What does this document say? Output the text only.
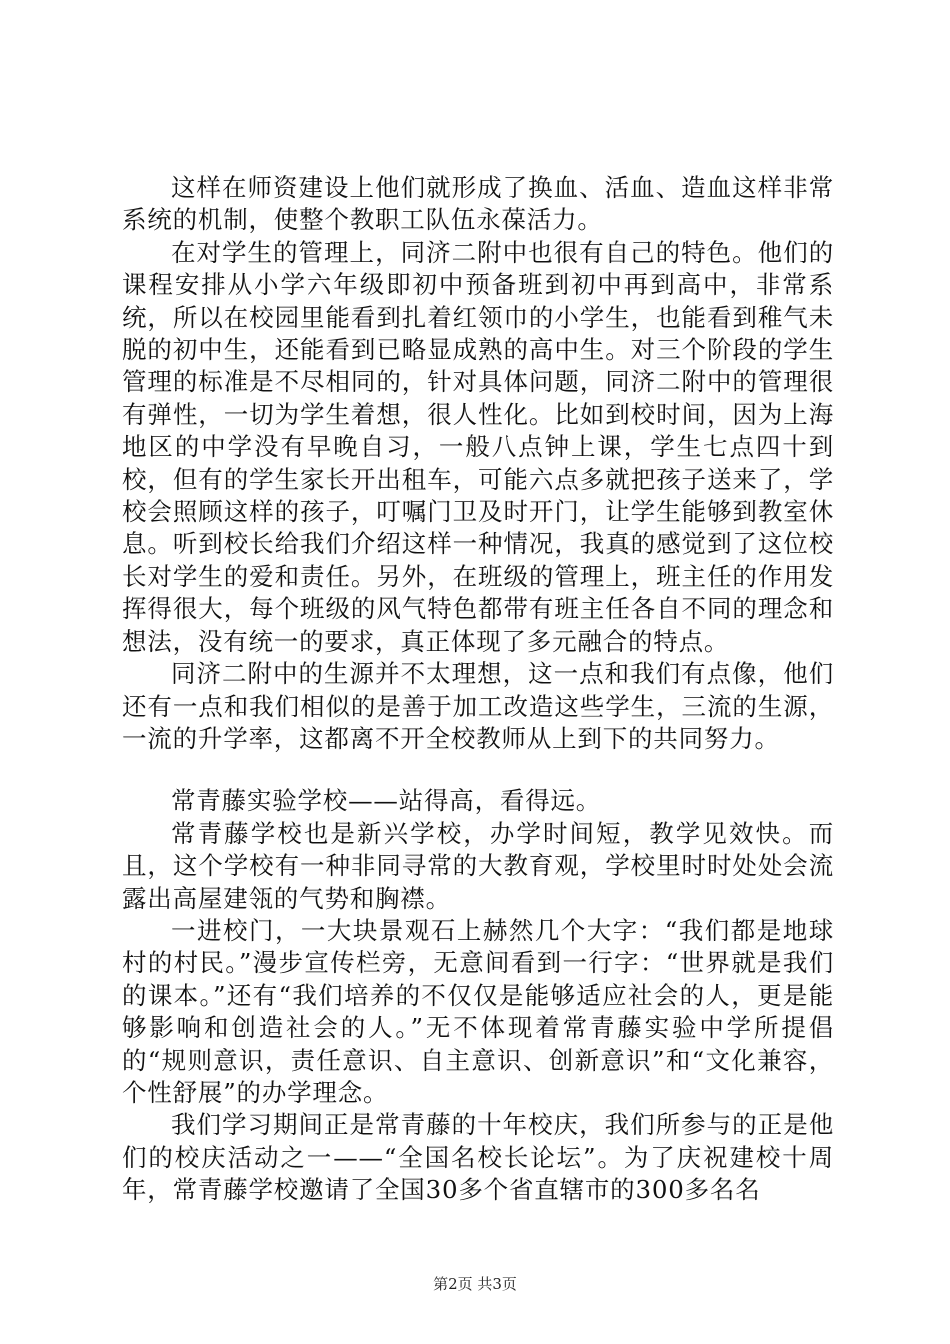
这样在师资建设上他们就形成了换血、活血、造血这样非常系统的机制，使整个教职工队伍永葆活力。

在对学生的管理上，同济二附中也很有自己的特色。他们的课程安排从小学六年级即初中预备班到初中再到高中，非常系统，所以在校园里能看到扎着红领巾的小学生，也能看到稚气未脱的初中生，还能看到已略显成熟的高中生。对三个阶段的学生管理的标准是不尽相同的，针对具体问题，同济二附中的管理很有弹性，一切为学生着想，很人性化。比如到校时间，因为上海地区的中学没有早晚自习，一般八点钟上课，学生七点四十到校，但有的学生家长开出租车，可能六点多就把孩子送来了，学校会照顾这样的孩子，叮嘱门卫及时开门，让学生能够到教室休息。听到校长给我们介绍这样一种情况，我真的感觉到了这位校长对学生的爱和责任。另外，在班级的管理上，班主任的作用发挥得很大，每个班级的风气特色都带有班主任各自不同的理念和想法，没有统一的要求，真正体现了多元融合的特点。

同济二附中的生源并不太理想，这一点和我们有点像，他们还有一点和我们相似的是善于加工改造这些学生，三流的生源，一流的升学率，这都离不开全校教师从上到下的共同努力。

常青藤实验学校——站得高，看得远。

常青藤学校也是新兴学校，办学时间短，教学见效快。而且，这个学校有一种非同寻常的大教育观，学校里时时处处会流露出高屋建瓴的气势和胸襟。

一进校门，一大块景观石上赫然几个大字：“我们都是地球村的村民。”漫步宣传栏旁，无意间看到一行字：“世界就是我们的课本。”还有“我们培养的不仅仅是能够适应社会的人，更是能够影响和创造社会的人。”无不体现着常青藤实验中学所提倡的“规则意识，责任意识、自主意识、创新意识”和“文化兼容，个性舒展”的办学理念。

我们学习期间正是常青藤的十年校庆，我们所参与的正是他们的校庆活动之一——“全国名校长论坛”。为了庆祝建校十周年，常青藤学校邀请了全国30多个省直辖市的300多名名

第2页 共3页
